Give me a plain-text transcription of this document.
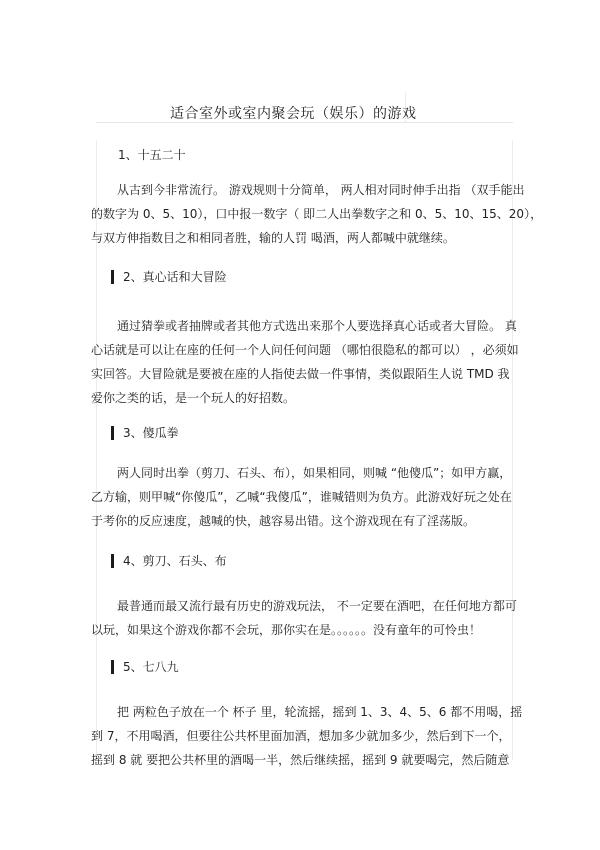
适合室外或室内聚会玩（娱乐）的游戏
1、十五二十
从古到今非常流行。 游戏规则十分简单， 两人相对同时伸手出指 （双手能出
的数字为 0、5、10），口中报一数字（ 即二人出拳数字之和 0、5、10、15、20），
与双方伸指数目之和相同者胜，输的人罚 喝酒，两人都喊中就继续。
2、真心话和大冒险
通过猜拳或者抽牌或者其他方式选出来那个人要选择真心话或者大冒险。 真
心话就是可以让在座的任何一个人问任何问题 （哪怕很隐私的都可以） ，必须如
实回答。大冒险就是要被在座的人指使去做一件事情，类似跟陌生人说 TMD 我
爱你之类的话，是一个玩人的好招数。
3、傻瓜拳
两人同时出拳（剪刀、石头、布），如果相同，则喊 “他傻瓜”；如甲方赢，
乙方输，则甲喊“你傻瓜”，乙喊“我傻瓜”，谁喊错则为负方。此游戏好玩之处在
于考你的反应速度，越喊的快，越容易出错。这个游戏现在有了淫荡版。
4、剪刀、石头、布
最普通而最又流行最有历史的游戏玩法， 不一定要在酒吧，在任何地方都可
以玩，如果这个游戏你都不会玩，那你实在是。。。。。。没有童年的可怜虫！
5、七八九
把 两粒色子放在一个 杯子 里，轮流摇，摇到 1、3、4、5、6 都不用喝，摇
到 7，不用喝酒，但要往公共杯里面加酒，想加多少就加多少，然后到下一个，
摇到 8 就 要把公共杯里的酒喝一半，然后继续摇，摇到 9 就要喝完，然后随意
